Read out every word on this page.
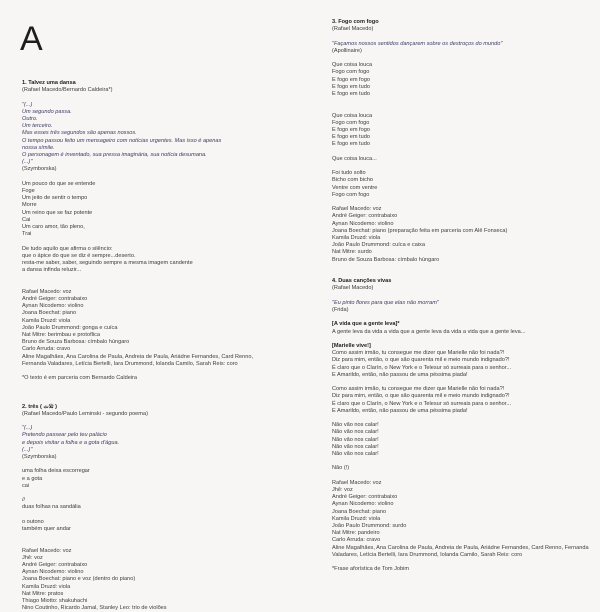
A
1. Talvez uma dansa
(Rafael Macedo/Bernardo Caldeira*)
"(...)
Um segundo passa.
Outro.
Um terceiro.
Mas esses três segundos são apenas nossos.
O tempo passou feito um mensageiro com notícias urgentes. Mas isso é apenas
nossa símile.
O personagem é inventado, sua pressa imaginária, sua notícia desumana.
(...)"
(Szymborska)
Um pouco do que se entende
Foge
Um jeito de sentir o tempo
Morre
Um reino que se faz potente
Cai
Um caro amor, tão pleno,
Trai
De tudo aquilo que afirma o silêncio:
que o ápice do que se diz é sempre...deserto.
resta-me saber, saber, seguindo sempre a mesma imagem candente
a dansa infinda reluzir...
Rafael Macedo: voz
André Geiger: contrabaixo
Aynan Nicodemo: violino
Joana Boechat: piano
Kamila Druzd: viola
João Paulo Drummond: gonga e cuíca
Nat Mitre: berimbau e protoflica
Bruno de Souza Barbosa: címbalo húngaro
Carlo Arruda: cravo
Aline Magalhães, Ana Carolina de Paula, Andreia de Paula, Ariádne Fernandes, Card Renno,
Fernanda Valadares, Letícia Bertelli, Iara Drummond, Iolanda Camilo, Sarah Reis: coro
*O texto é em parceria com Bernardo Caldeira
2. três ( ثلاث )
(Rafael Macedo/Paulo Leminski - segundo poema)
"(...)
Pretendo passear pelo teu palácio
e depois visitar a folha e a gota d'água.
(...)"
(Szymborska)
uma folha deixa escorregar
e a gota
cai
//
duas folhas na sandália
o outono
também quer andar
Rafael Macedo: voz
Jhê: voz
André Geiger: contrabaixo
Aynan Nicodemo: violino
Joana Boechat: piano e voz (dentro do piano)
Kamila Druzd: viola
Nat Mitre: pratos
Thiago Miotto: shakuhachi
Nino Coutinho, Ricardo Jamal, Stanley Leo: trio de violões
3. Fogo com fogo
(Rafael Macedo)
"Façamos nossos sentidos dançarem sobre os destroços do mundo"
(Apollinaire)
Que coisa louca
Fogo com fogo
E fogo em fogo
E fogo em tudo
E fogo em tudo
Que coisa louca
Fogo com fogo
E fogo em fogo
E fogo em tudo
E fogo em tudo
Que coisa louca...
Foi tudo solto
Bicho com bicho
Ventre com ventre
Fogo com fogo
Rafael Macedo: voz
André Geiger: contrabaixo
Aynan Nicodemo: violino
Joana Boechat: piano (preparação feita em parceria com Alê Fonseca)
Kamila Druzd: viola
João Paulo Drummond: cuíca e caixa
Nat Mitre: surdo
Bruno de Souza Barbosa: címbalo húngaro
4. Duas canções vivas
(Rafael Macedo)
"Eu pinto flores para que elas não morram"
(Frida)
[A vida que a gente leva]*
A gente leva da vida a vida que a gente leva da vida a vida que a gente leva...
[Marielle vive!]
Como assim irmão, tu consegue me dizer que Marielle não foi nada?!
Diz para mim, então, o que são quarenta mil e meio mundo indignado?!
É claro que o Clarín, o New York e o Telesur só surreais para o senhor...
E Amarildo, então, não passou de uma péssima piada!
Como assim irmão, tu consegue me dizer que Marielle não foi nada?!
Diz para mim, então, o que são quarenta mil e meio mundo indignado?!
É claro que o Clarín, o New York e o Telesur só surreais para o senhor...
E Amarildo, então, não passou de uma péssima piada!
Não vão nos calar!
Não vão nos calar!
Não vão nos calar!
Não vão nos calar!
Não vão nos calar!
Não (!)
Rafael Macedo: voz
Jhê: voz
André Geiger: contrabaixo
Aynan Nicodemo: violino
Joana Boechat: piano
Kamila Druzd: viola
João Paulo Drummond: surdo
Nat Mitre: pandeiro
Carlo Arruda: cravo
Aline Magalhães, Ana Carolina de Paula, Andreia de Paula, Ariádne Fernandes, Card Renno, Fernanda
Valadares, Letícia Bertelli, Iara Drummond, Iolanda Camilo, Sarah Reis: coro
*Frase aforística de Tom Jobim
